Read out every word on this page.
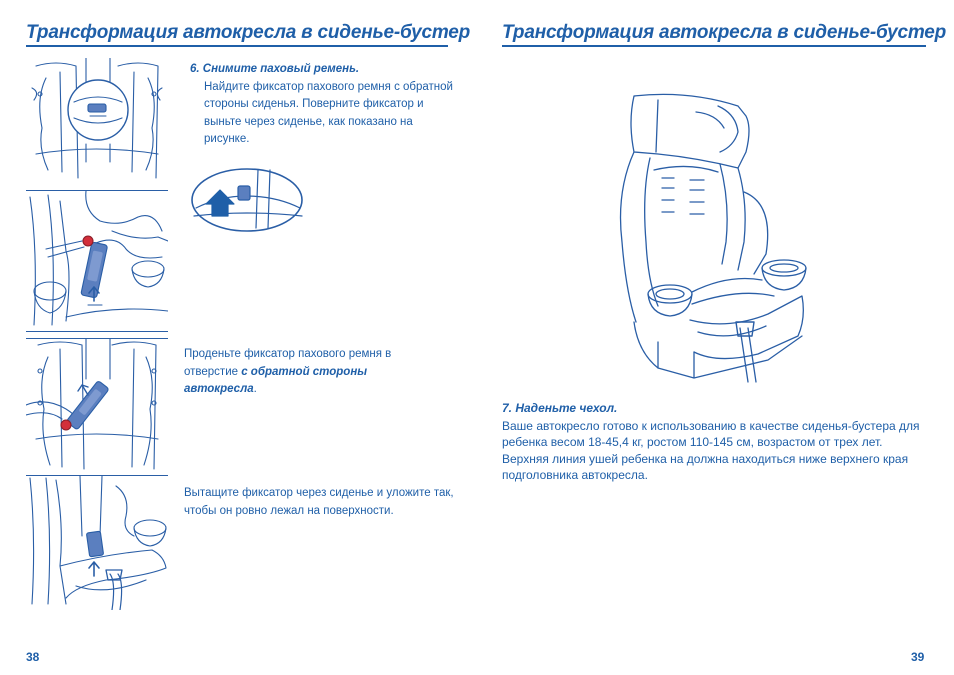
Трансформация автокресла в сиденье-бустер
6. Снимите паховый ремень.
Найдите фиксатор пахового ремня с обратной стороны сиденья. Поверните фиксатор и выньте через сиденье, как показано на рисунке.
Проденьте фиксатор пахового ремня в отверстие с обратной стороны автокресла.
Вытащите фиксатор через сиденье и уложите так, чтобы он ровно лежал на поверхности.
38
Трансформация автокресла в сиденье-бустер
7. Наденьте чехол.
Ваше автокресло готово к использованию в качестве сиденья-бустера для ребенка весом 18-45,4 кг, ростом 110-145 см, возрастом от трех лет. Верхняя линия ушей ребенка на должна находиться ниже верхнего края подголовника автокресла.
39
